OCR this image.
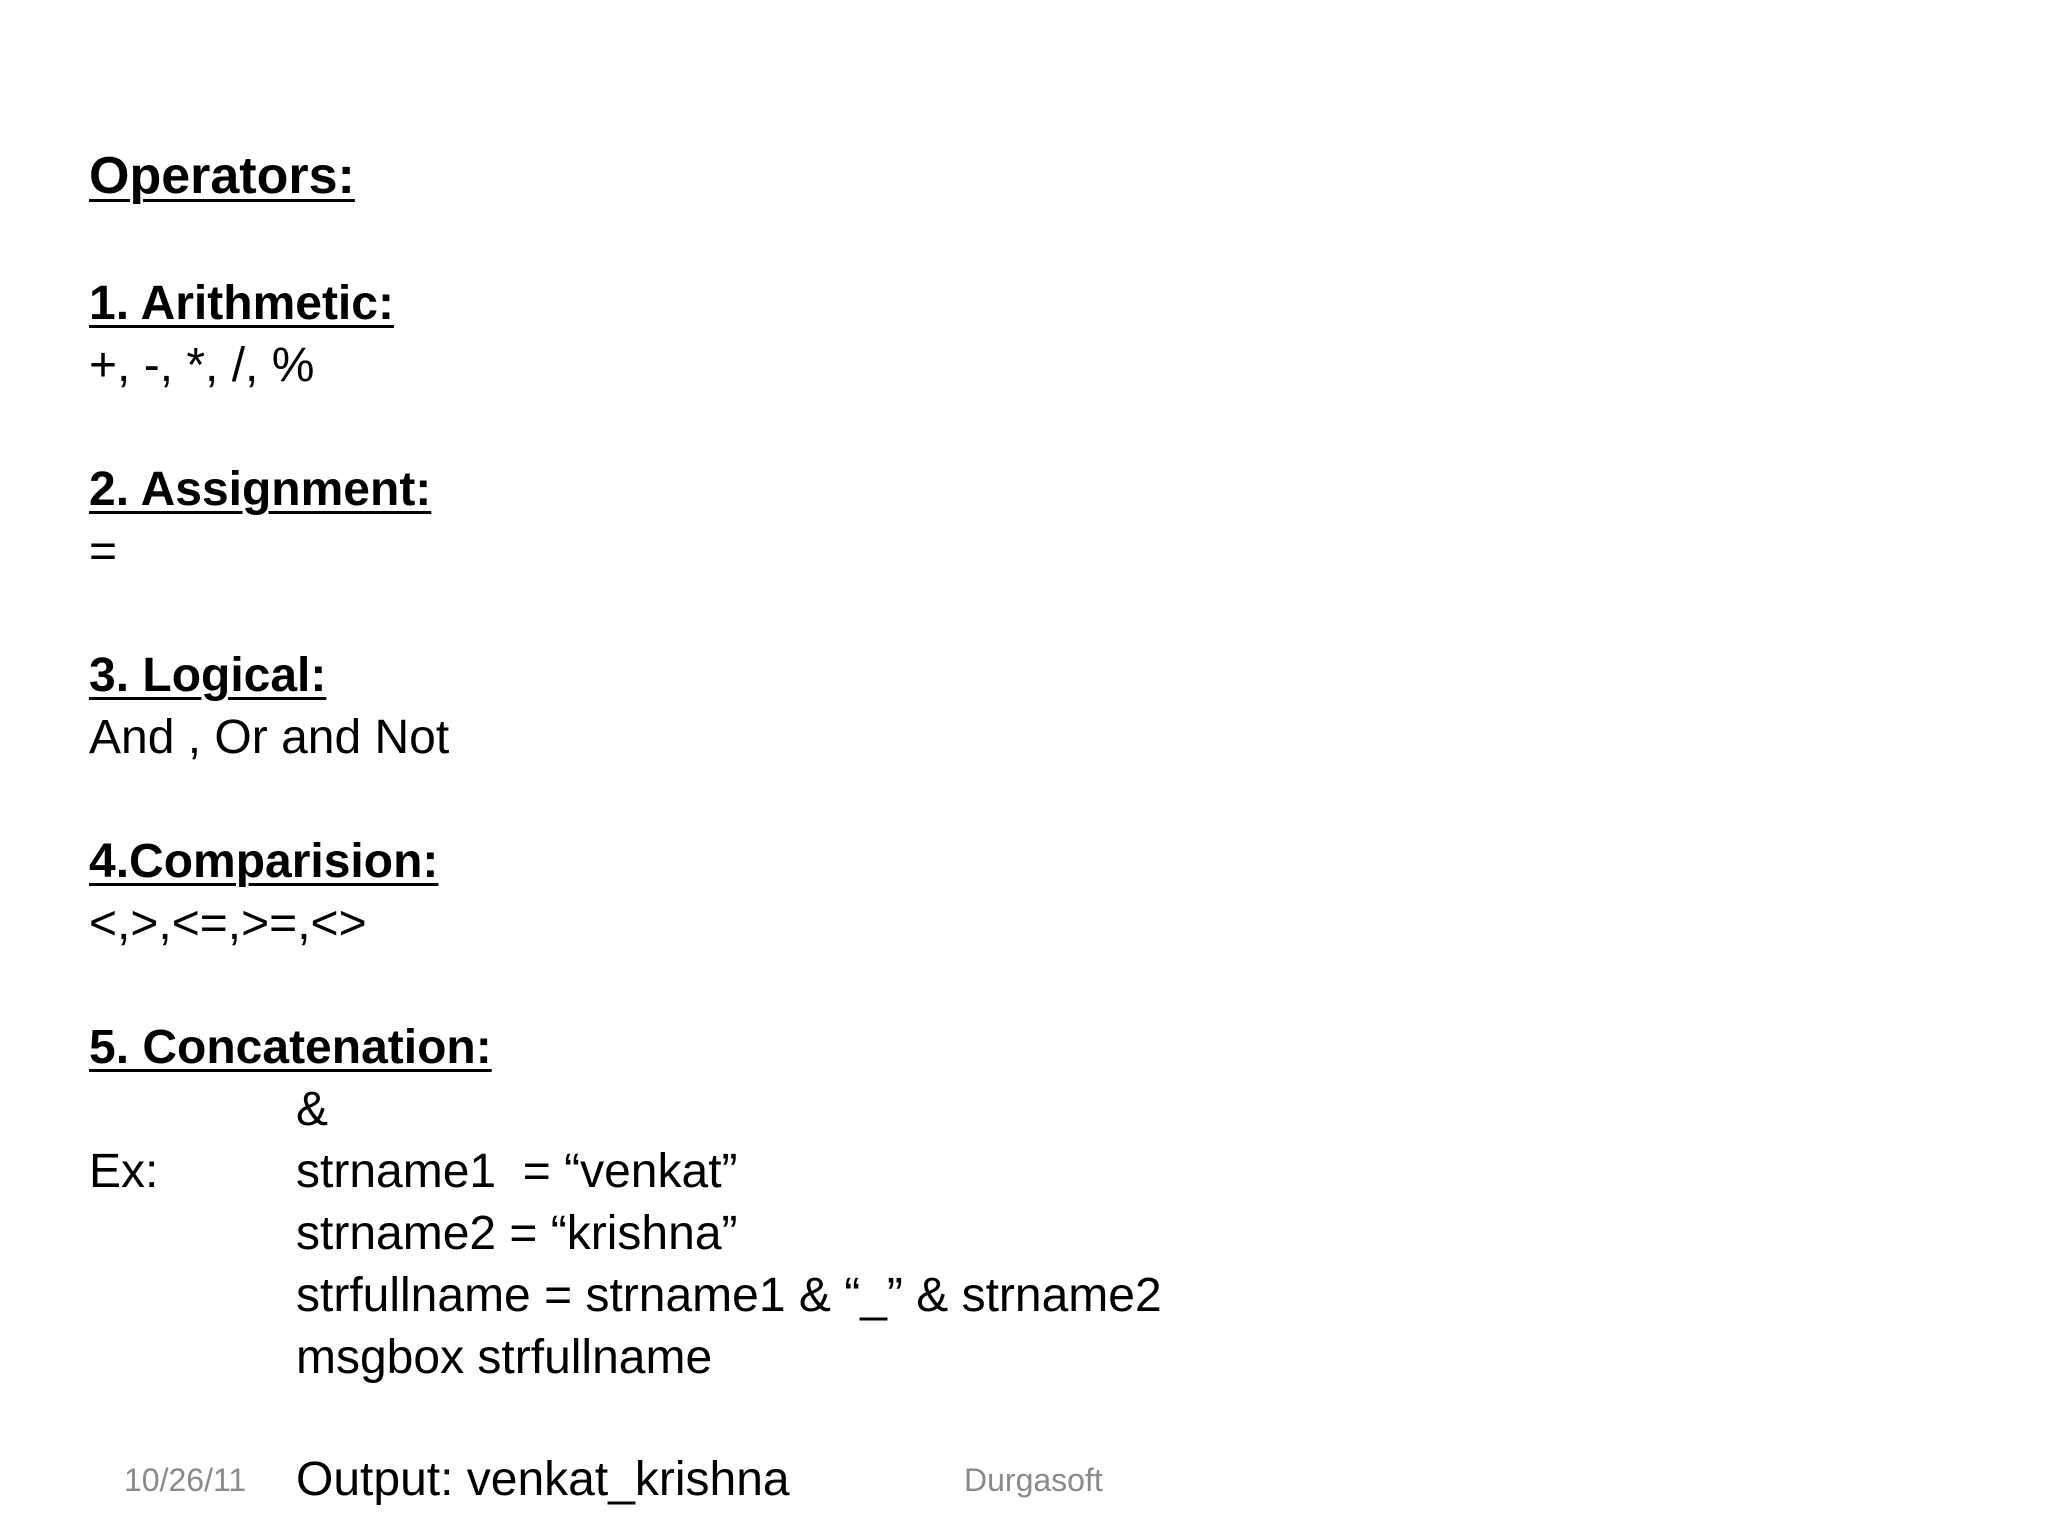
Operators:
1. Arithmetic:
+, -, *, /, %
2. Assignment:
=
3. Logical:
And , Or and Not
4.Comparision:
<,>,<=,>=,<>
5. Concatenation:
&
Ex:	strname1  = “venkat”
strname2 = “krishna”
strfullname = strname1 & “_” & strname2
msgbox strfullname
10/26/11 Output: venkat_krishna	Durgasoft
